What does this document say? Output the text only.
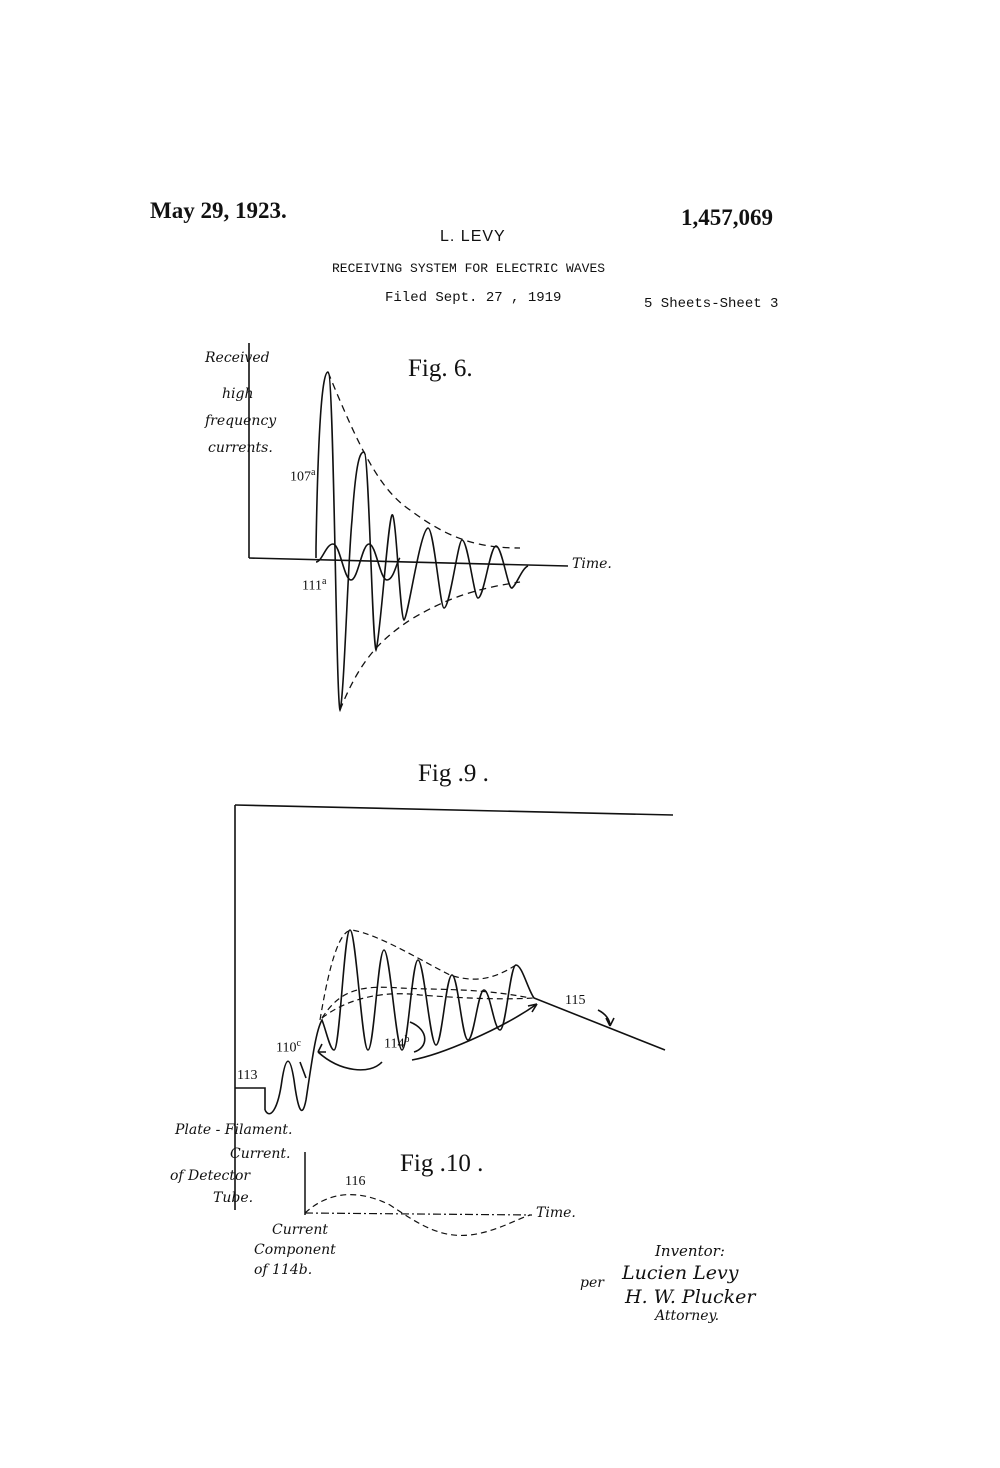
May 29, 1923.	1,457,069
L. LEVY
RECEIVING SYSTEM FOR ELECTRIC WAVES
Filed Sept. 27 , 1919	5 Sheets-Sheet 3
Fig. 6.
Received
high
frequency
currents.
Time.
107$^a$
111$^a$
Fig .9 .
113
110$^c$	114$^b$
115
Plate - Filament.
Current.
of Detector
Tube.
Fig .10 .
116
Time.
Current
Component
of 114b.
Inventor:
Lucien Levy
per
H. W. Plucker
Attorney.
